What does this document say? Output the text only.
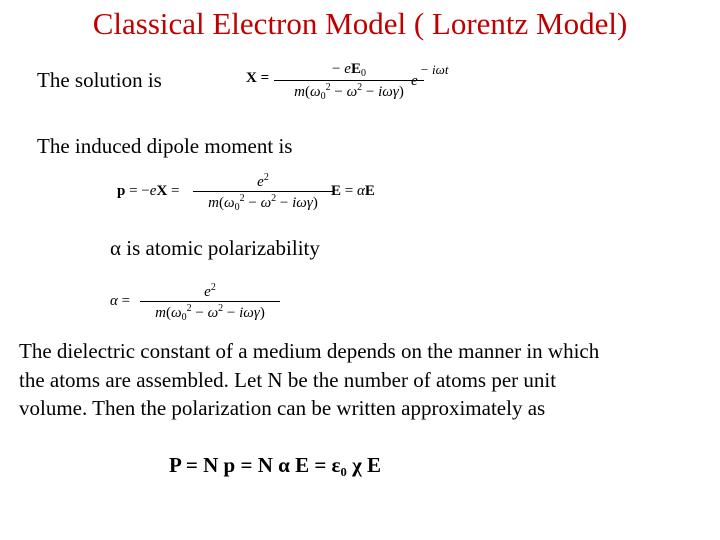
Classical Electron Model ( Lorentz Model)
The solution is	X =
− $eE_0$
$m(\omega_0^2 - \omega^2 - i\omega\gamma)$
e
− iωt
The induced dipole moment is
p = −eX =
$e^2$
$m(\omega_0^2 - \omega^2 - i\omega\gamma)$
E = αE
α is atomic polarizability
α =
$e^2$
$m(\omega_0^2 - \omega^2 - i\omega\gamma)$
The dielectric constant of a medium depends on the manner in which
the atoms are assembled. Let N be the number of atoms per unit
volume. Then the polarization can be written approximately as
P = N p = N α E = ε₀ χ E
